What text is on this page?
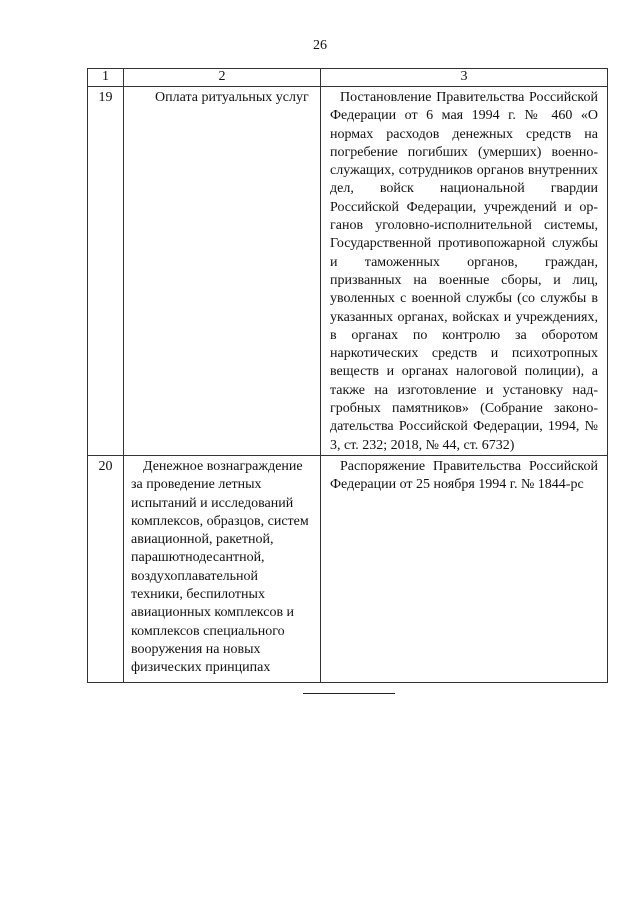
26
1	2	3
19	Оплата ритуальных услуг	Постановление Правительства Российской Федерации от 6 мая 1994 г. № 460 «О нормах расходов денежных средств на погребение погибших (умерших) военнослужащих, сотрудников органов внутренних дел, войск национальной гвардии Российской Федерации, учреждений и органов уголовно-исполнительной системы, Государственной противопожарной службы и таможенных органов, граждан, призванных на военные сборы, и лиц, уволенных с военной службы (со службы в указанных органах, войсках и учреждениях, в органах по контролю за оборотом наркотических средств и психотропных веществ и органах налоговой полиции), а также на изготовление и установку надгробных памятников» (Собрание законодательства Российской Федерации, 1994, № 3, ст. 232; 2018, № 44, ст. 6732)

20	Денежное вознаграждение за проведение летных испытаний и исследований комплексов, образцов, систем авиационной, ракетной, парашютнодесантной, воздухоплавательной техники, беспилотных авиационных комплексов и комплексов специального вооружения на новых физических принципах	Распоряжение Правительства Российской Федерации от 25 ноября 1994 г. № 1844-рс
